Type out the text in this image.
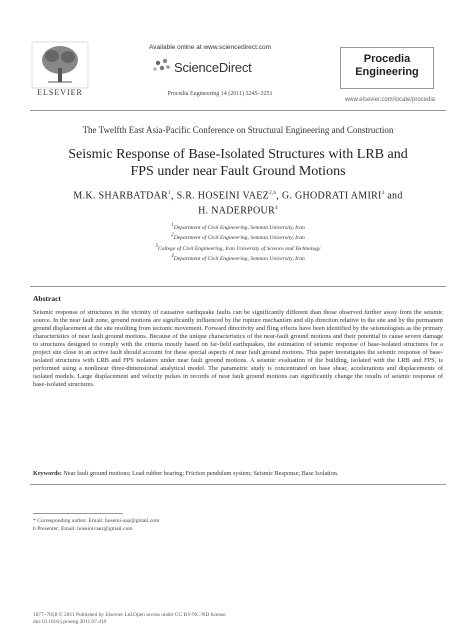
ELSEVIER
Available online at www.sciencedirect.com
ScienceDirect
Procedia Engineering 14 (2011) 3245–3251
Procedia
Engineering
www.elsevier.com/locate/procedia
The Twelfth East Asia-Pacific Conference on Structural Engineering and Construction
Seismic Response of Base-Isolated Structures with LRB and
FPS under near Fault Ground Motions
M.K. SHARBATDAR$^1$, S.R. HOSEINI VAEZ$^{2,b}$, G. GHODRATI AMIRI$^3$ and
H. NADERPOUR$^4$
$^1$Department of Civil Engineering, Semnan University, Iran
$^2$Department of Civil Engineering, Semnan University, Iran
$^3$College of Civil Engineering, Iran University of Science and Technology
$^4$Department of Civil Engineering, Semnan University, Iran
Abstract
Seismic response of structures in the vicinity of causative earthquake faults can be significantly different than those observed further away from the seismic source. In the near fault zone, ground motions are significantly influenced by the rupture mechanism and slip direction relative to the site and by the permanent ground displacement at the site resulting from tectonic movement. Forward directivity and fling effects have been identified by the seismologists as the primary characteristics of near fault ground motions. Because of the unique characteristics of the near-fault ground motions and their potential to cause severe damage to structures designed to comply with the criteria mostly based on far-field earthquakes, the estimation of seismic response of base-isolated structures for a project site close to an active fault should account for these special aspects of near fault ground motions. This paper investigates the seismic response of base-isolated structures with LRB and FPS isolators under near fault ground motions. A seismic evaluation of the building, isolated with the LRB and FPS, is performed using a nonlinear three-dimensional analytical model. The parametric study is concentrated on base shear, accelerations and displacements of isolated models. Large displacement and velocity pulses in records of near fault ground motions can significantly change the results of seismic response of base-isolated structures.
Keywords: Near fault ground motions; Lead rubber bearing; Friction pendulum system; Seismic Response; Base Isolation.
* Corresponding author. Email: hoseini-aaa@gmail.com
b Presenter: Email: hoseinivaez@gmail.com
1877–7058 © 2011 Published by Elsevier Ltd.Open access under CC BY-NC-ND license.
doi:10.1016/j.proeng.2011.07.410
